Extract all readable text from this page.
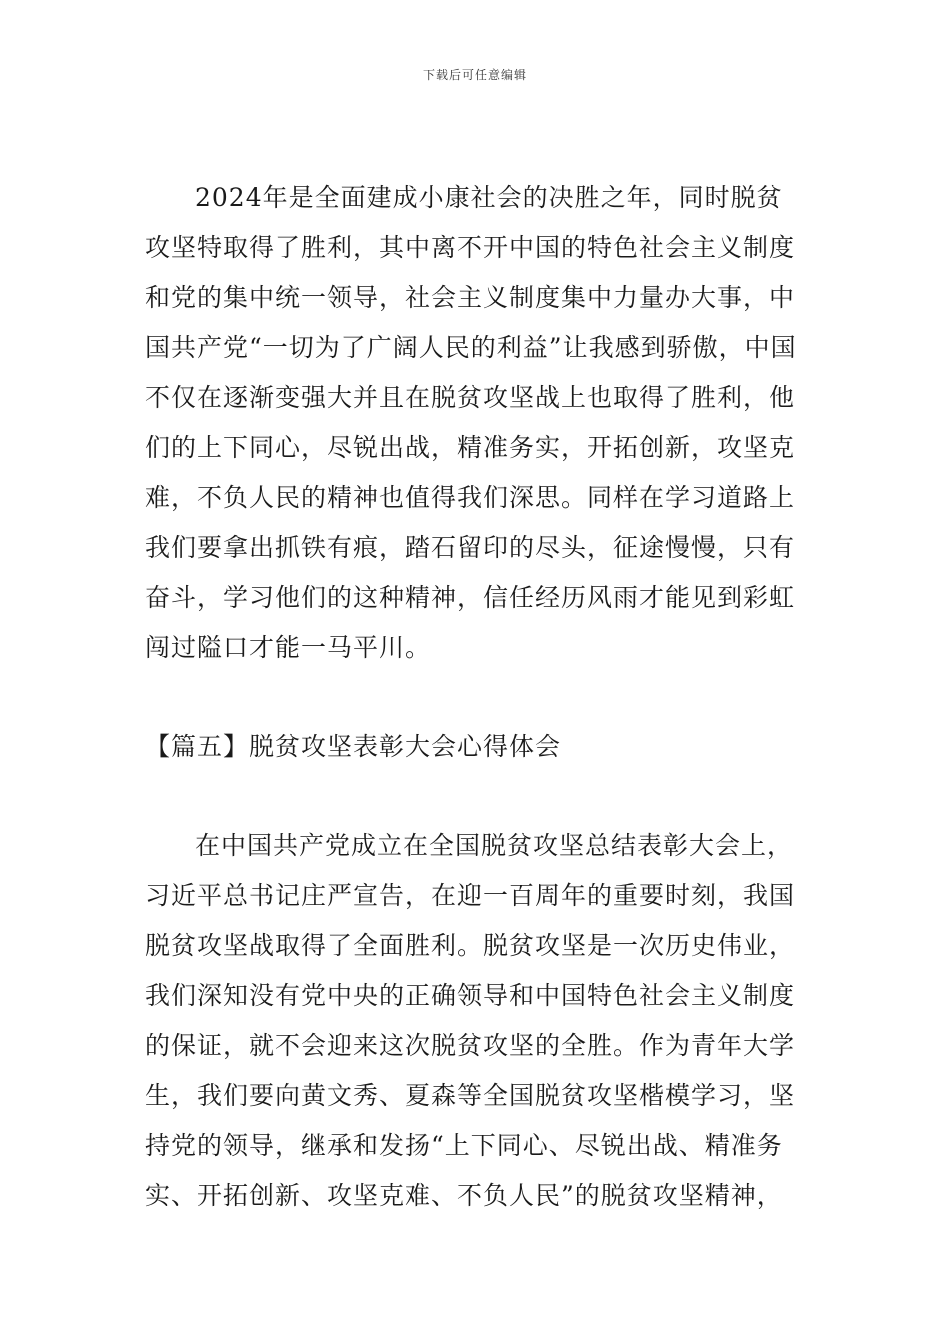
下载后可任意编辑

2024年是全面建成小康社会的决胜之年，同时脱贫攻坚特取得了胜利，其中离不开中国的特色社会主义制度和党的集中统一领导，社会主义制度集中力量办大事，中国共产党“一切为了广阔人民的利益”让我感到骄傲，中国不仅在逐渐变强大并且在脱贫攻坚战上也取得了胜利，他们的上下同心，尽锐出战，精准务实，开拓创新，攻坚克难，不负人民的精神也值得我们深思。同样在学习道路上我们要拿出抓铁有痕，踏石留印的尽头，征途慢慢，只有奋斗，学习他们的这种精神，信任经历风雨才能见到彩虹闯过隘口才能一马平川。

【篇五】脱贫攻坚表彰大会心得体会

在中国共产党成立在全国脱贫攻坚总结表彰大会上，习近平总书记庄严宣告，在迎一百周年的重要时刻，我国脱贫攻坚战取得了全面胜利。脱贫攻坚是一次历史伟业，我们深知没有党中央的正确领导和中国特色社会主义制度的保证，就不会迎来这次脱贫攻坚的全胜。作为青年大学生，我们要向黄文秀、夏森等全国脱贫攻坚楷模学习，坚持党的领导，继承和发扬“上下同心、尽锐出战、精准务实、开拓创新、攻坚克难、不负人民”的脱贫攻坚精神，
